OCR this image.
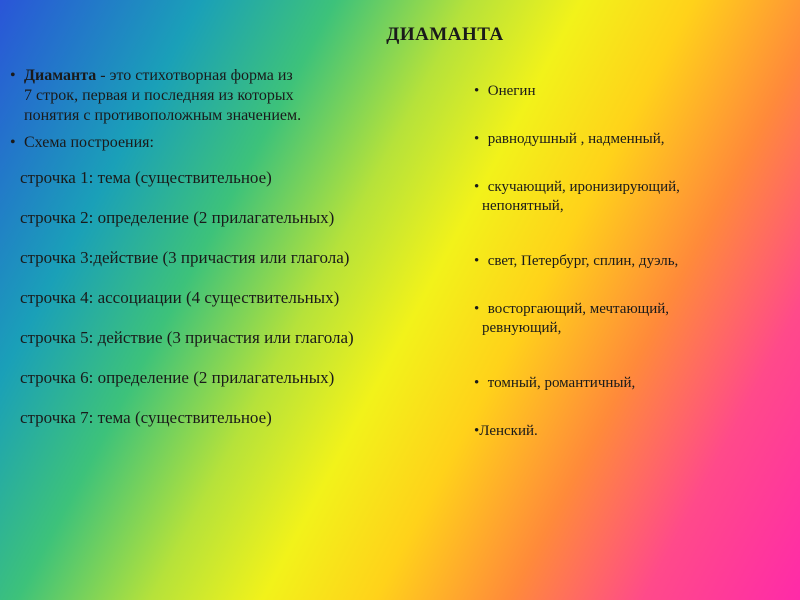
ДИАМАНТА

• Диаманта - это стихотворная форма из
7 строк, первая и последняя из которых
понятия с противоположным значением.

• Схема построения:

строчка 1: тема (существительное)
строчка 2: определение (2 прилагательных)
строчка 3:действие (3 причастия или глагола)
строчка 4: ассоциации (4 существительных)
строчка 5: действие (3 причастия или глагола)
строчка 6: определение (2 прилагательных)
строчка 7: тема (существительное)
• Онегин
• равнодушный , надменный,
• скучающий, иронизирующий,
непонятный,
• свет, Петербург, сплин, дуэль,
• восторгающий, мечтающий,
ревнующий,
• томный, романтичный,
•Ленский.
